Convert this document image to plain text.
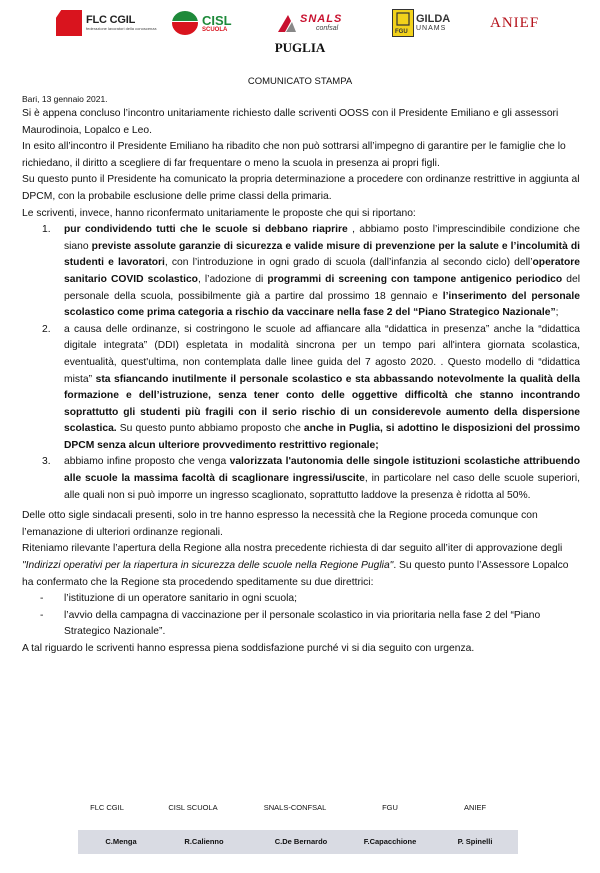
FLC CGIL
federazione lavoratori della conoscenza
CISL
SCUOLA
SNALS
confsal	FGU
GILDA
UNAMS	ANIEF
PUGLIA
COMUNICATO STAMPA
Bari, 13 gennaio 2021.

Si è appena concluso l’incontro unitariamente richiesto dalle scriventi OOSS con il Presidente Emiliano e gli assessori Maurodinoia, Lopalco e Leo.

In esito all’incontro il Presidente Emiliano ha ribadito che non può sottrarsi all’impegno di garantire per le famiglie che lo richiedano, il diritto a scegliere di far frequentare o meno la scuola in presenza ai propri figli.

Su questo punto il Presidente ha comunicato la propria determinazione a procedere con ordinanze restrittive in aggiunta al DPCM, con la probabile esclusione delle prime classi della primaria.

Le scriventi, invece, hanno riconfermato unitariamente le proposte che qui si riportano:

1. pur condividendo tutti che le scuole si debbano riaprire , abbiamo posto l’imprescindibile condizione che siano previste assolute garanzie di sicurezza e valide misure di prevenzione per la salute e l’incolumità di studenti e lavoratori, con l’introduzione in ogni grado di scuola (dall’infanzia al secondo ciclo) dell’operatore sanitario COVID scolastico, l’adozione di programmi di screening con tampone antigenico periodico del personale della scuola, possibilmente già a partire dal prossimo 18 gennaio e l’inserimento del personale scolastico come prima categoria a rischio da vaccinare nella fase 2 del “Piano Strategico Nazionale”;
2. a causa delle ordinanze, si costringono le scuole ad affiancare alla “didattica in presenza” anche la “didattica digitale integrata” (DDI) espletata in modalità sincrona per un tempo pari all'intera giornata scolastica, eventualità, quest'ultima, non contemplata dalle linee guida del 7 agosto 2020. . Questo modello di “didattica mista” sta sfiancando inutilmente il personale scolastico e sta abbassando notevolmente la qualità della formazione e dell’istruzione, senza tener conto delle oggettive difficoltà che stanno incontrando soprattutto gli studenti più fragili con il serio rischio di un considerevole aumento della dispersione scolastica. Su questo punto abbiamo proposto che anche in Puglia, si adottino le disposizioni del prossimo DPCM senza alcun ulteriore provvedimento restrittivo regionale;
3. abbiamo infine proposto che venga valorizzata l'autonomia delle singole istituzioni scolastiche attribuendo alle scuole la massima facoltà di scaglionare ingressi/uscite, in particolare nel caso delle scuole superiori, alle quali non si può imporre un ingresso scaglionato, soprattutto laddove la presenza è ridotta al 50%.

Delle otto sigle sindacali presenti, solo in tre hanno espresso la necessità che la Regione proceda comunque con l’emanazione di ulteriori ordinanze regionali.

Riteniamo rilevante l’apertura della Regione alla nostra precedente richiesta di dar seguito all’iter di approvazione degli "Indirizzi operativi per la riapertura in sicurezza delle scuole nella Regione Puglia". Su questo punto l’Assessore Lopalco ha confermato che la Regione sta procedendo speditamente su due direttrici:

- l’istituzione di un operatore sanitario in ogni scuola;
- l’avvio della campagna di vaccinazione per il personale scolastico in via prioritaria nella fase 2 del “Piano Strategico Nazionale”.

A tal riguardo le scriventi hanno espressa piena soddisfazione purché vi si dia seguito con urgenza.

FLC CGIL	CISL SCUOLA	SNALS-CONFSAL	FGU	ANIEF
C.Menga	R.Calienno	C.De Bernardo	F.Capacchione	P. Spinelli
